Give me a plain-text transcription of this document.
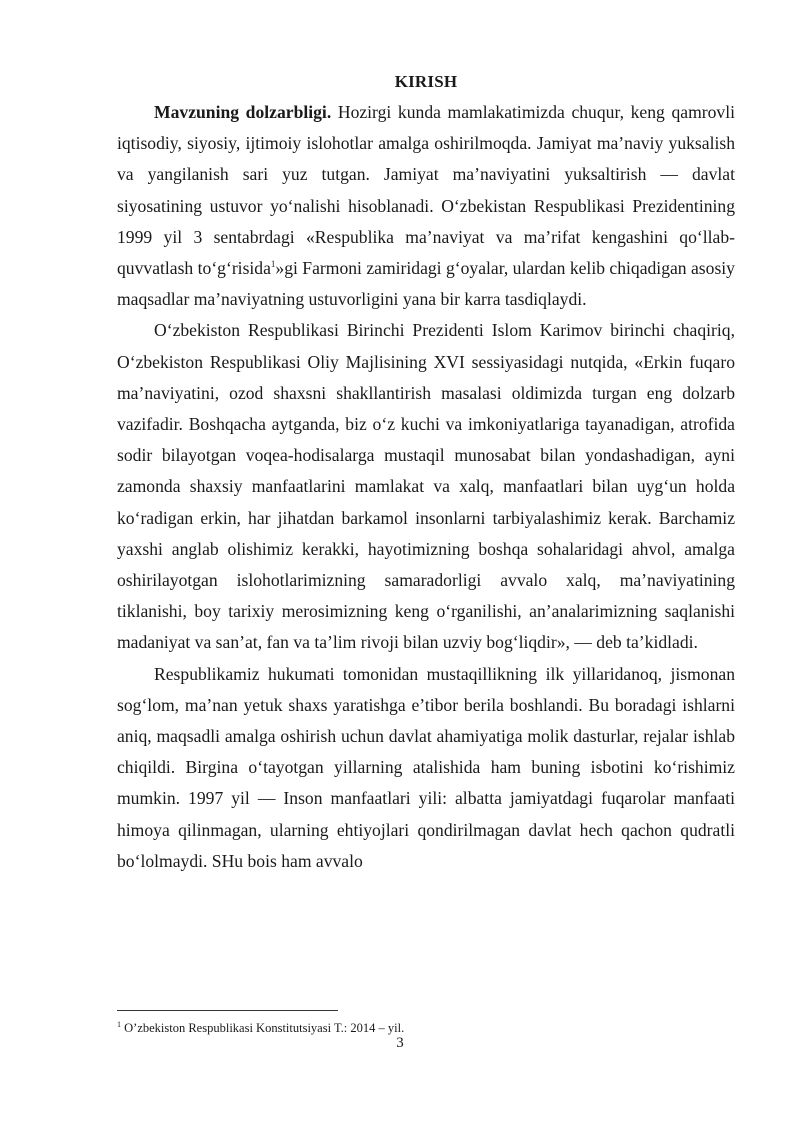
KIRISH

Mavzuning dolzarbligi. Hozirgi kunda mamlakatimizda chuqur, keng qamrovli iqtisodiy, siyosiy, ijtimoiy islohotlar amalga oshirilmoqda. Jamiyat ma’naviy yuksalish va yangilanish sari yuz tutgan. Jamiyat ma’naviyatini yuksaltirish — davlat siyosatining ustuvor yo‘nalishi hisoblanadi. O‘zbekistan Respublikasi Prezidentining 1999 yil 3 sentabrdagi «Respublika ma’naviyat va ma’rifat kengashini qo‘llab-quvvatlash to‘g‘risida$^1$»gi Farmoni zamiridagi g‘oyalar, ulardan kelib chiqadigan asosiy maqsadlar ma’naviyatning ustuvorligini yana bir karra tasdiqlaydi.

O‘zbekiston Respublikasi Birinchi Prezidenti Islom Karimov birinchi chaqiriq, O‘zbekiston Respublikasi Oliy Majlisining XVI sessiyasidagi nutqida, «Erkin fuqaro ma’naviyatini, ozod shaxsni shakllantirish masalasi oldimizda turgan eng dolzarb vazifadir. Boshqacha aytganda, biz o‘z kuchi va imkoniyatlariga tayanadigan, atrofida sodir bilayotgan voqea-hodisalarga mustaqil munosabat bilan yondashadigan, ayni zamonda shaxsiy manfaatlarini mamlakat va xalq, manfaatlari bilan uyg‘un holda ko‘radigan erkin, har jihatdan barkamol insonlarni tarbiyalashimiz kerak. Barchamiz yaxshi anglab olishimiz kerakki, hayotimizning boshqa sohalaridagi ahvol, amalga oshirilayotgan islohotlarimizning samaradorligi avvalo xalq, ma’naviyatining tiklanishi, boy tarixiy merosimizning keng o‘rganilishi, an’analarimizning saqlanishi madaniyat va san’at, fan va ta’lim rivoji bilan uzviy bog‘liqdir», — deb ta’kidladi.

Respublikamiz hukumati tomonidan mustaqillikning ilk yillaridanoq, jismonan sog‘lom, ma’nan yetuk shaxs yaratishga e’tibor berila boshlandi. Bu boradagi ishlarni aniq, maqsadli amalga oshirish uchun davlat ahamiyatiga molik dasturlar, rejalar ishlab chiqildi. Birgina o‘tayotgan yillarning atalishida ham buning isbotini ko‘rishimiz mumkin. 1997 yil — Inson manfaatlari yili: albatta jamiyatdagi fuqarolar manfaati himoya qilinmagan, ularning ehtiyojlari qondirilmagan davlat hech qachon qudratli bo‘lolmaydi. SHu bois ham avvalo

$^1$ O’zbekiston Respublikasi Konstitutsiyasi T.: 2014 – yil.
3
